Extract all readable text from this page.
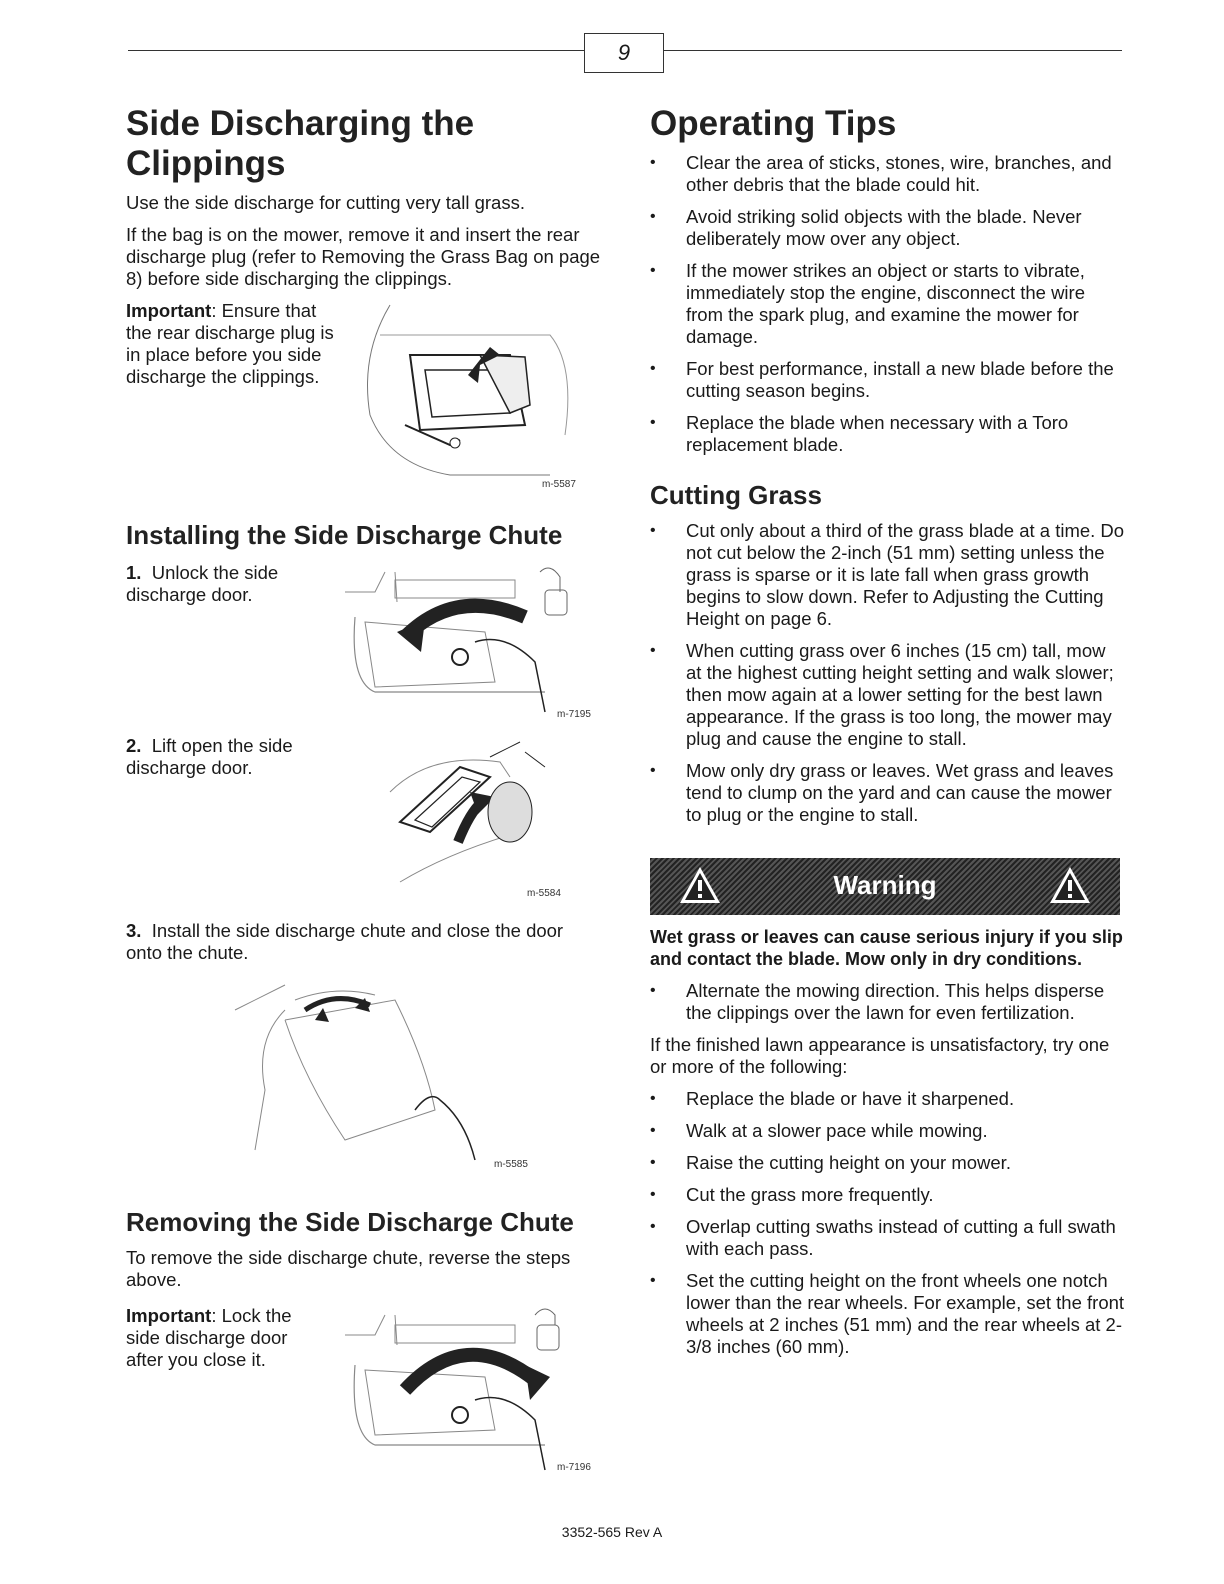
9
Side Discharging the Clippings

Use the side discharge for cutting very tall grass.

If the bag is on the mower, remove it and insert the rear discharge plug (refer to Removing the Grass Bag on page 8) before side discharging the clippings.

Important: Ensure that the rear discharge plug is in place before you side discharge the clippings.

m-5587
Installing the Side Discharge Chute

1. Unlock the side discharge door.

m-7195

2. Lift open the side discharge door.

m-5584

3. Install the side discharge chute and close the door onto the chute.

m-5585
Removing the Side Discharge Chute

To remove the side discharge chute, reverse the steps above.

Important: Lock the side discharge door after you close it.

m-7196
Operating Tips
• Clear the area of sticks, stones, wire, branches, and other debris that the blade could hit.
• Avoid striking solid objects with the blade. Never deliberately mow over any object.
• If the mower strikes an object or starts to vibrate, immediately stop the engine, disconnect the wire from the spark plug, and examine the mower for damage.
• For best performance, install a new blade before the cutting season begins.
• Replace the blade when necessary with a Toro replacement blade.
Cutting Grass
• Cut only about a third of the grass blade at a time. Do not cut below the 2-inch (51 mm) setting unless the grass is sparse or it is late fall when grass growth begins to slow down. Refer to Adjusting the Cutting Height on page 6.
• When cutting grass over 6 inches (15 cm) tall, mow at the highest cutting height setting and walk slower; then mow again at a lower setting for the best lawn appearance. If the grass is too long, the mower may plug and cause the engine to stall.
• Mow only dry grass or leaves. Wet grass and leaves tend to clump on the yard and can cause the mower to plug or the engine to stall.
Warning

Wet grass or leaves can cause serious injury if you slip and contact the blade. Mow only in dry conditions.

• Alternate the mowing direction. This helps disperse the clippings over the lawn for even fertilization.

If the finished lawn appearance is unsatisfactory, try one or more of the following:

• Replace the blade or have it sharpened.
• Walk at a slower pace while mowing.
• Raise the cutting height on your mower.
• Cut the grass more frequently.
• Overlap cutting swaths instead of cutting a full swath with each pass.
• Set the cutting height on the front wheels one notch lower than the rear wheels. For example, set the front wheels at 2 inches (51 mm) and the rear wheels at 2-3/8 inches (60 mm).
3352-565 Rev A
